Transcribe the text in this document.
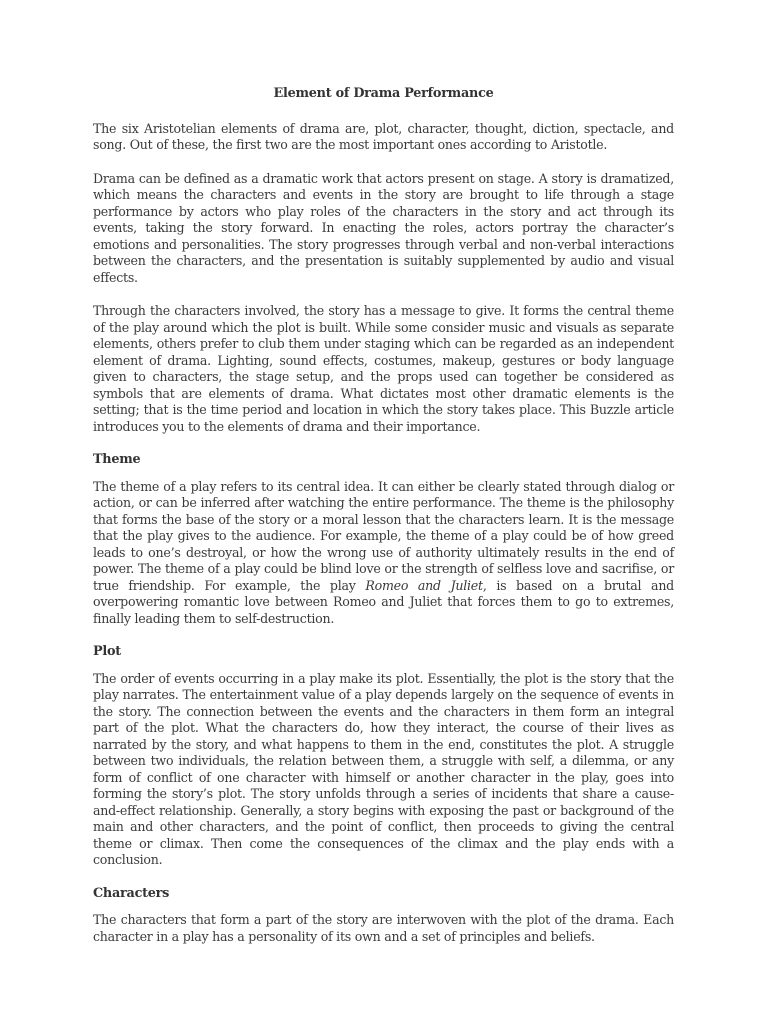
Element of Drama Performance

The six Aristotelian elements of drama are, plot, character, thought, diction, spectacle, and song. Out of these, the first two are the most important ones according to Aristotle.

Drama can be defined as a dramatic work that actors present on stage. A story is dramatized, which means the characters and events in the story are brought to life through a stage performance by actors who play roles of the characters in the story and act through its events, taking the story forward. In enacting the roles, actors portray the character’s emotions and personalities. The story progresses through verbal and non-verbal interactions between the characters, and the presentation is suitably supplemented by audio and visual effects.

Through the characters involved, the story has a message to give. It forms the central theme of the play around which the plot is built. While some consider music and visuals as separate elements, others prefer to club them under staging which can be regarded as an independent element of drama. Lighting, sound effects, costumes, makeup, gestures or body language given to characters, the stage setup, and the props used can together be considered as symbols that are elements of drama. What dictates most other dramatic elements is the setting; that is the time period and location in which the story takes place. This Buzzle article introduces you to the elements of drama and their importance.

Theme

The theme of a play refers to its central idea. It can either be clearly stated through dialog or action, or can be inferred after watching the entire performance. The theme is the philosophy that forms the base of the story or a moral lesson that the characters learn. It is the message that the play gives to the audience. For example, the theme of a play could be of how greed leads to one’s destroyal, or how the wrong use of authority ultimately results in the end of power. The theme of a play could be blind love or the strength of selfless love and sacrifise, or true friendship. For example, the play Romeo and Juliet, is based on a brutal and overpowering romantic love between Romeo and Juliet that forces them to go to extremes, finally leading them to self-destruction.

Plot

The order of events occurring in a play make its plot. Essentially, the plot is the story that the play narrates. The entertainment value of a play depends largely on the sequence of events in the story. The connection between the events and the characters in them form an integral part of the plot. What the characters do, how they interact, the course of their lives as narrated by the story, and what happens to them in the end, constitutes the plot. A struggle between two individuals, the relation between them, a struggle with self, a dilemma, or any form of conflict of one character with himself or another character in the play, goes into forming the story’s plot. The story unfolds through a series of incidents that share a cause-and-effect relationship. Generally, a story begins with exposing the past or background of the main and other characters, and the point of conflict, then proceeds to giving the central theme or climax. Then come the consequences of the climax and the play ends with a conclusion.

Characters

The characters that form a part of the story are interwoven with the plot of the drama. Each character in a play has a personality of its own and a set of principles and beliefs.
